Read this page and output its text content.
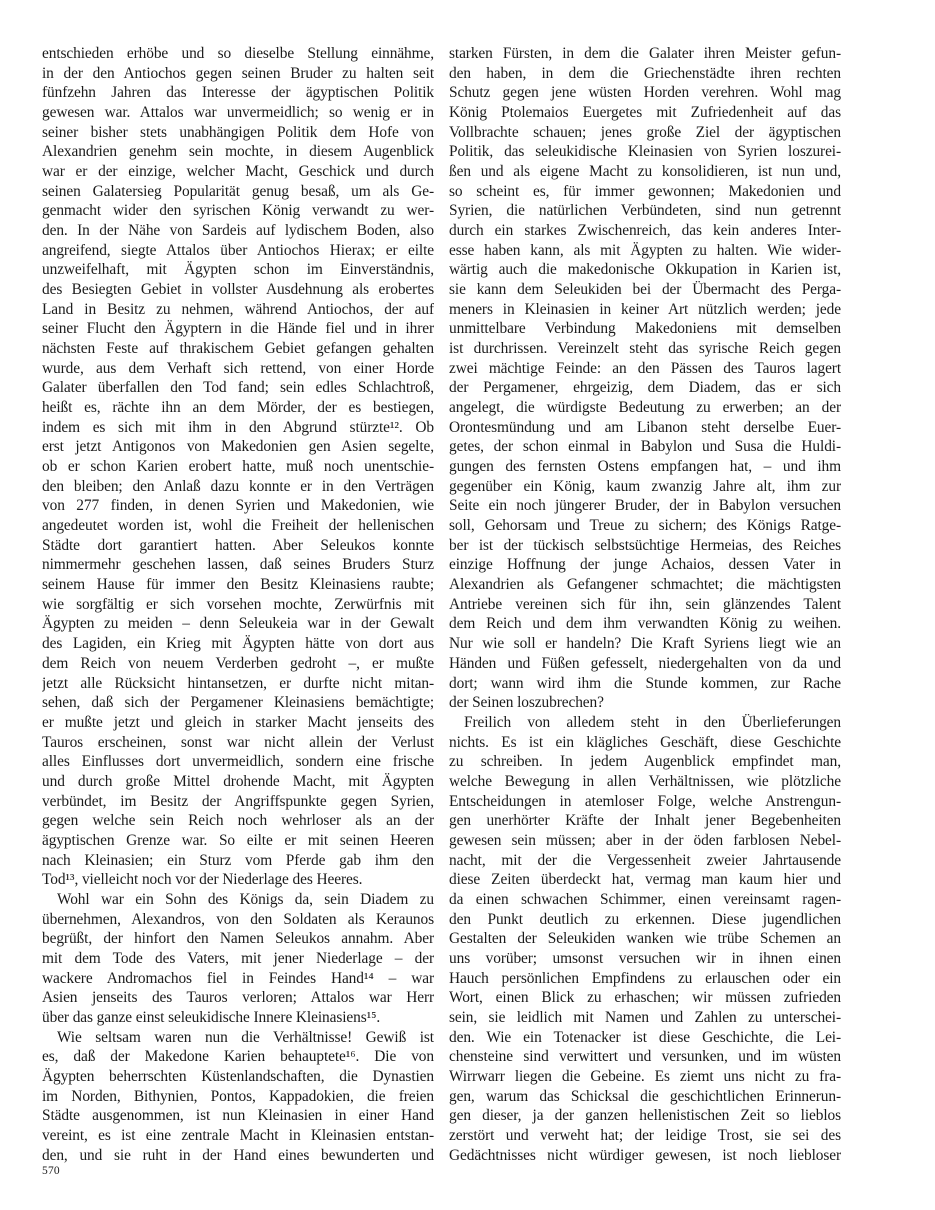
entschieden erhöbe und so dieselbe Stellung einnähme,
in der den Antiochos gegen seinen Bruder zu halten seit
fünfzehn Jahren das Interesse der ägyptischen Politik
gewesen war. Attalos war unvermeidlich; so wenig er in
seiner bisher stets unabhängigen Politik dem Hofe von
Alexandrien genehm sein mochte, in diesem Augenblick
war er der einzige, welcher Macht, Geschick und durch
seinen Galatersieg Popularität genug besaß, um als Ge-
genmacht wider den syrischen König verwandt zu wer-
den. In der Nähe von Sardeis auf lydischem Boden, also
angreifend, siegte Attalos über Antiochos Hierax; er eilte
unzweifelhaft, mit Ägypten schon im Einverständnis,
des Besiegten Gebiet in vollster Ausdehnung als erobertes
Land in Besitz zu nehmen, während Antiochos, der auf
seiner Flucht den Ägyptern in die Hände fiel und in ihrer
nächsten Feste auf thrakischem Gebiet gefangen gehalten
wurde, aus dem Verhaft sich rettend, von einer Horde
Galater überfallen den Tod fand; sein edles Schlachtroß,
heißt es, rächte ihn an dem Mörder, der es bestiegen,
indem es sich mit ihm in den Abgrund stürzte¹². Ob
erst jetzt Antigonos von Makedonien gen Asien segelte,
ob er schon Karien erobert hatte, muß noch unentschie-
den bleiben; den Anlaß dazu konnte er in den Verträgen
von 277 finden, in denen Syrien und Makedonien, wie
angedeutet worden ist, wohl die Freiheit der hellenischen
Städte dort garantiert hatten. Aber Seleukos konnte
nimmermehr geschehen lassen, daß seines Bruders Sturz
seinem Hause für immer den Besitz Kleinasiens raubte;
wie sorgfältig er sich vorsehen mochte, Zerwürfnis mit
Ägypten zu meiden – denn Seleukeia war in der Gewalt
des Lagiden, ein Krieg mit Ägypten hätte von dort aus
dem Reich von neuem Verderben gedroht –, er mußte
jetzt alle Rücksicht hintansetzen, er durfte nicht mitan-
sehen, daß sich der Pergamener Kleinasiens bemächtigte;
er mußte jetzt und gleich in starker Macht jenseits des
Tauros erscheinen, sonst war nicht allein der Verlust
alles Einflusses dort unvermeidlich, sondern eine frische
und durch große Mittel drohende Macht, mit Ägypten
verbündet, im Besitz der Angriffspunkte gegen Syrien,
gegen welche sein Reich noch wehrloser als an der
ägyptischen Grenze war. So eilte er mit seinen Heeren
nach Kleinasien; ein Sturz vom Pferde gab ihm den
Tod¹³, vielleicht noch vor der Niederlage des Heeres.
Wohl war ein Sohn des Königs da, sein Diadem zu
übernehmen, Alexandros, von den Soldaten als Keraunos
begrüßt, der hinfort den Namen Seleukos annahm. Aber
mit dem Tode des Vaters, mit jener Niederlage – der
wackere Andromachos fiel in Feindes Hand¹⁴ – war
Asien jenseits des Tauros verloren; Attalos war Herr
über das ganze einst seleukidische Innere Kleinasiens¹⁵.
Wie seltsam waren nun die Verhältnisse! Gewiß ist
es, daß der Makedone Karien behauptete¹⁶. Die von
Ägypten beherrschten Küstenlandschaften, die Dynastien
im Norden, Bithynien, Pontos, Kappadokien, die freien
Städte ausgenommen, ist nun Kleinasien in einer Hand
vereint, es ist eine zentrale Macht in Kleinasien entstan-
den, und sie ruht in der Hand eines bewunderten und
starken Fürsten, in dem die Galater ihren Meister gefun-
den haben, in dem die Griechenstädte ihren rechten
Schutz gegen jene wüsten Horden verehren. Wohl mag
König Ptolemaios Euergetes mit Zufriedenheit auf das
Vollbrachte schauen; jenes große Ziel der ägyptischen
Politik, das seleukidische Kleinasien von Syrien loszurei-
ßen und als eigene Macht zu konsolidieren, ist nun und,
so scheint es, für immer gewonnen; Makedonien und
Syrien, die natürlichen Verbündeten, sind nun getrennt
durch ein starkes Zwischenreich, das kein anderes Inter-
esse haben kann, als mit Ägypten zu halten. Wie wider-
wärtig auch die makedonische Okkupation in Karien ist,
sie kann dem Seleukiden bei der Übermacht des Perga-
meners in Kleinasien in keiner Art nützlich werden; jede
unmittelbare Verbindung Makedoniens mit demselben
ist durchrissen. Vereinzelt steht das syrische Reich gegen
zwei mächtige Feinde: an den Pässen des Tauros lagert
der Pergamener, ehrgeizig, dem Diadem, das er sich
angelegt, die würdigste Bedeutung zu erwerben; an der
Orontesmündung und am Libanon steht derselbe Euer-
getes, der schon einmal in Babylon und Susa die Huldi-
gungen des fernsten Ostens empfangen hat, – und ihm
gegenüber ein König, kaum zwanzig Jahre alt, ihm zur
Seite ein noch jüngerer Bruder, der in Babylon versuchen
soll, Gehorsam und Treue zu sichern; des Königs Ratge-
ber ist der tückisch selbstsüchtige Hermeias, des Reiches
einzige Hoffnung der junge Achaios, dessen Vater in
Alexandrien als Gefangener schmachtet; die mächtigsten
Antriebe vereinen sich für ihn, sein glänzendes Talent
dem Reich und dem ihm verwandten König zu weihen.
Nur wie soll er handeln? Die Kraft Syriens liegt wie an
Händen und Füßen gefesselt, niedergehalten von da und
dort; wann wird ihm die Stunde kommen, zur Rache
der Seinen loszubrechen?
Freilich von alledem steht in den Überlieferungen
nichts. Es ist ein klägliches Geschäft, diese Geschichte
zu schreiben. In jedem Augenblick empfindet man,
welche Bewegung in allen Verhältnissen, wie plötzliche
Entscheidungen in atemloser Folge, welche Anstrengun-
gen unerhörter Kräfte der Inhalt jener Begebenheiten
gewesen sein müssen; aber in der öden farblosen Nebel-
nacht, mit der die Vergessenheit zweier Jahrtausende
diese Zeiten überdeckt hat, vermag man kaum hier und
da einen schwachen Schimmer, einen vereinsamt ragen-
den Punkt deutlich zu erkennen. Diese jugendlichen
Gestalten der Seleukiden wanken wie trübe Schemen an
uns vorüber; umsonst versuchen wir in ihnen einen
Hauch persönlichen Empfindens zu erlauschen oder ein
Wort, einen Blick zu erhaschen; wir müssen zufrieden
sein, sie leidlich mit Namen und Zahlen zu unterschei-
den. Wie ein Totenacker ist diese Geschichte, die Lei-
chensteine sind verwittert und versunken, und im wüsten
Wirrwarr liegen die Gebeine. Es ziemt uns nicht zu fra-
gen, warum das Schicksal die geschichtlichen Erinnerun-
gen dieser, ja der ganzen hellenistischen Zeit so lieblos
zerstört und verweht hat; der leidige Trost, sie sei des
Gedächtnisses nicht würdiger gewesen, ist noch liebloser
570
